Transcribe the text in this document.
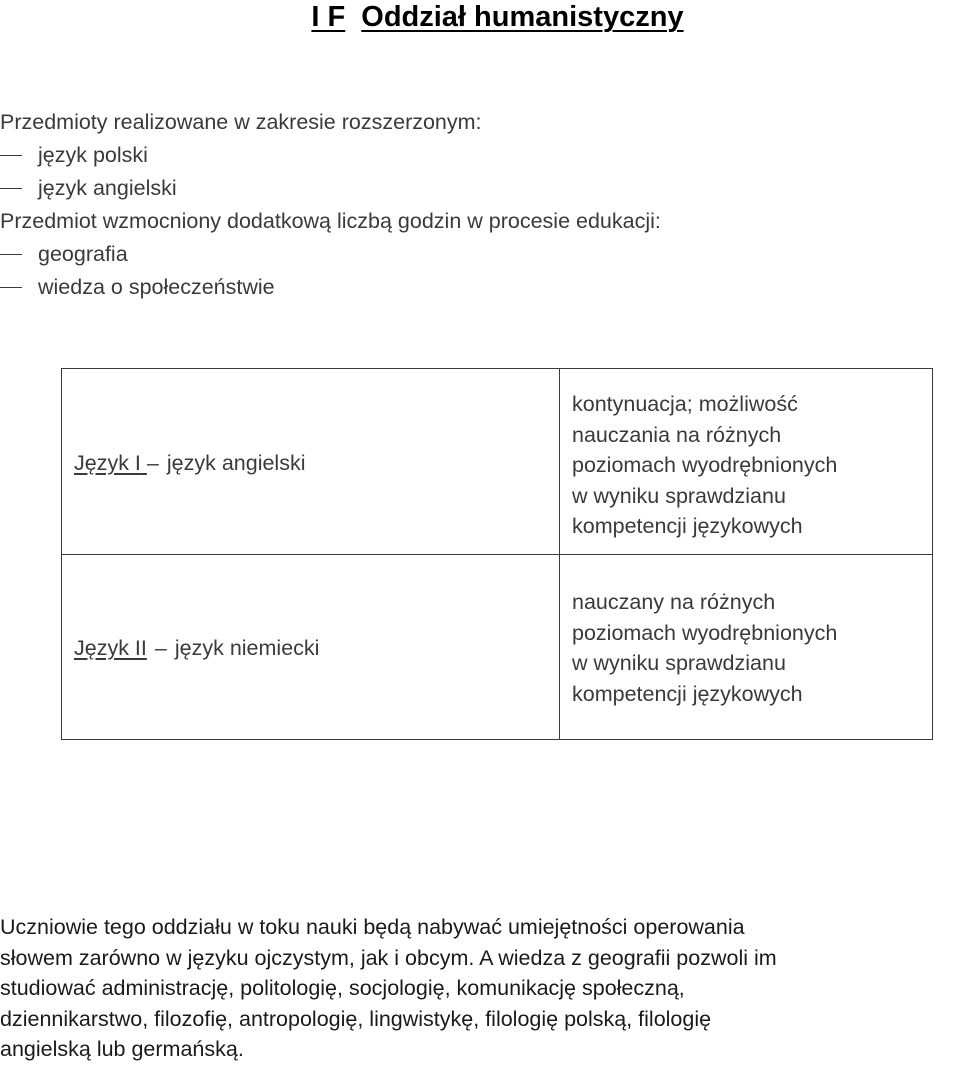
I F Oddział humanistyczny
Przedmioty realizowane w zakresie rozszerzonym:
język polski
język angielski
Przedmiot wzmocniony dodatkową liczbą godzin w procesie edukacji:
geografia
wiedza o społeczeństwie
Język I – język angielski
kontynuacja; możliwość
nauczania na różnych
poziomach wyodrębnionych
w wyniku sprawdzianu
kompetencji językowych
Język II – język niemiecki
nauczany na różnych
poziomach wyodrębnionych
w wyniku sprawdzianu
kompetencji językowych
Uczniowie tego oddziału w toku nauki będą nabywać umiejętności operowania
słowem zarówno w języku ojczystym, jak i obcym. A wiedza z geografii pozwoli im
studiować administrację, politologię, socjologię, komunikację społeczną,
dziennikarstwo, filozofię, antropologię, lingwistykę, filologię polską, filologię
angielską lub germańską.
